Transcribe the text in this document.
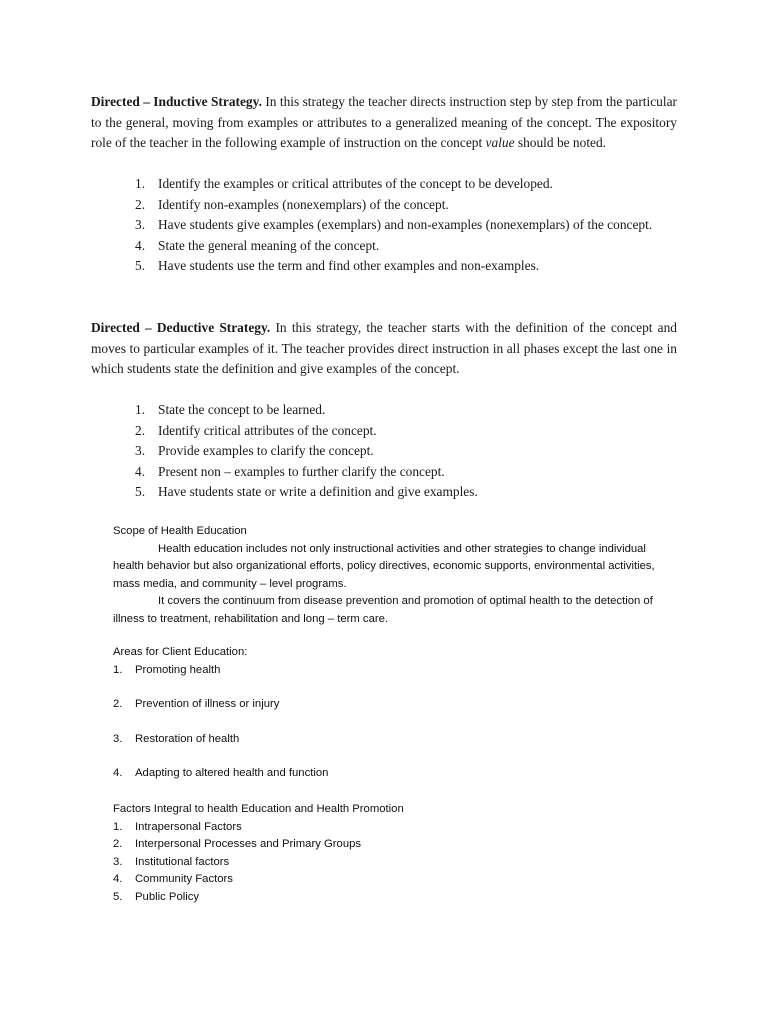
Directed – Inductive Strategy. In this strategy the teacher directs instruction step by step from the particular to the general, moving from examples or attributes to a generalized meaning of the concept. The expository role of the teacher in the following example of instruction on the concept value should be noted.

1. Identify the examples or critical attributes of the concept to be developed.
2. Identify non-examples (nonexemplars) of the concept.
3. Have students give examples (exemplars) and non-examples (nonexemplars) of the concept.
4. State the general meaning of the concept.
5. Have students use the term and find other examples and non-examples.

Directed – Deductive Strategy. In this strategy, the teacher starts with the definition of the concept and moves to particular examples of it. The teacher provides direct instruction in all phases except the last one in which students state the definition and give examples of the concept.

1. State the concept to be learned.
2. Identify critical attributes of the concept.
3. Provide examples to clarify the concept.
4. Present non – examples to further clarify the concept.
5. Have students state or write a definition and give examples.
Scope of Health Education
Health education includes not only instructional activities and other strategies to change individual health behavior but also organizational efforts, policy directives, economic supports, environmental activities, mass media, and community – level programs.
It covers the continuum from disease prevention and promotion of optimal health to the detection of illness to treatment, rehabilitation and long – term care.
Areas for Client Education:
1. Promoting health
2. Prevention of illness or injury
3. Restoration of health
4. Adapting to altered health and function
Factors Integral to health Education and Health Promotion
1. Intrapersonal Factors
2. Interpersonal Processes and Primary Groups
3. Institutional factors
4. Community Factors
5. Public Policy
